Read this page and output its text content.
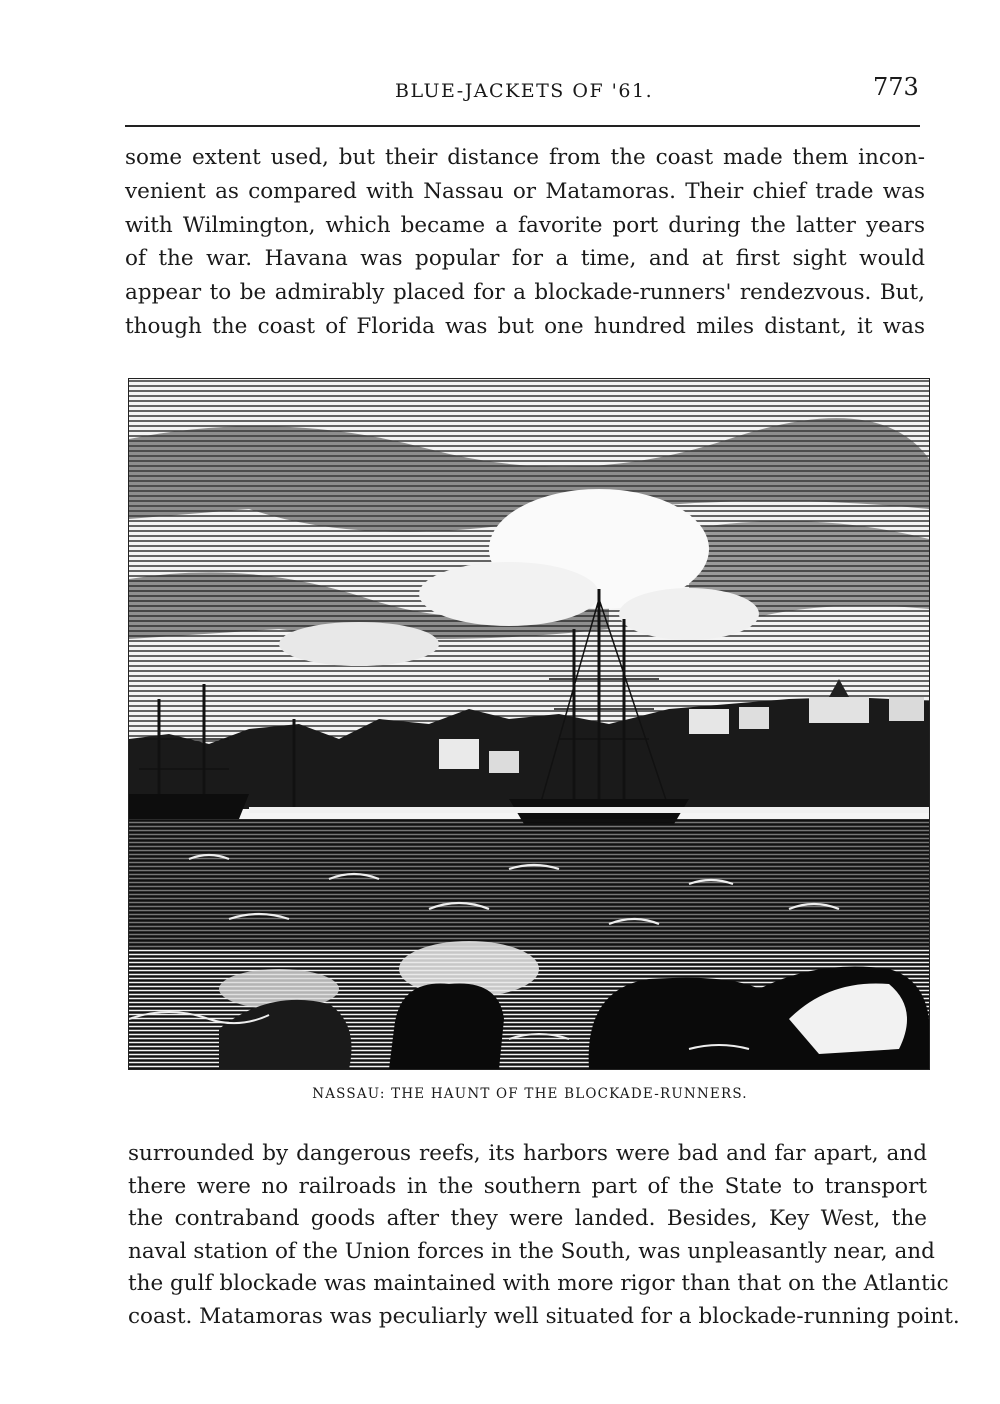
BLUE-JACKETS OF '61.	773
some extent used, but their distance from the coast made them incon-
venient as compared with Nassau or Matamoras. Their chief trade was
with Wilmington, which became a favorite port during the latter years
of the war. Havana was popular for a time, and at first sight would
appear to be admirably placed for a blockade-runners' rendezvous. But,
though the coast of Florida was but one hundred miles distant, it was
NASSAU: THE HAUNT OF THE BLOCKADE-RUNNERS.
surrounded by dangerous reefs, its harbors were bad and far apart, and
there were no railroads in the southern part of the State to transport
the contraband goods after they were landed. Besides, Key West, the
naval station of the Union forces in the South, was unpleasantly near, and
the gulf blockade was maintained with more rigor than that on the Atlantic
coast. Matamoras was peculiarly well situated for a blockade-running point.
